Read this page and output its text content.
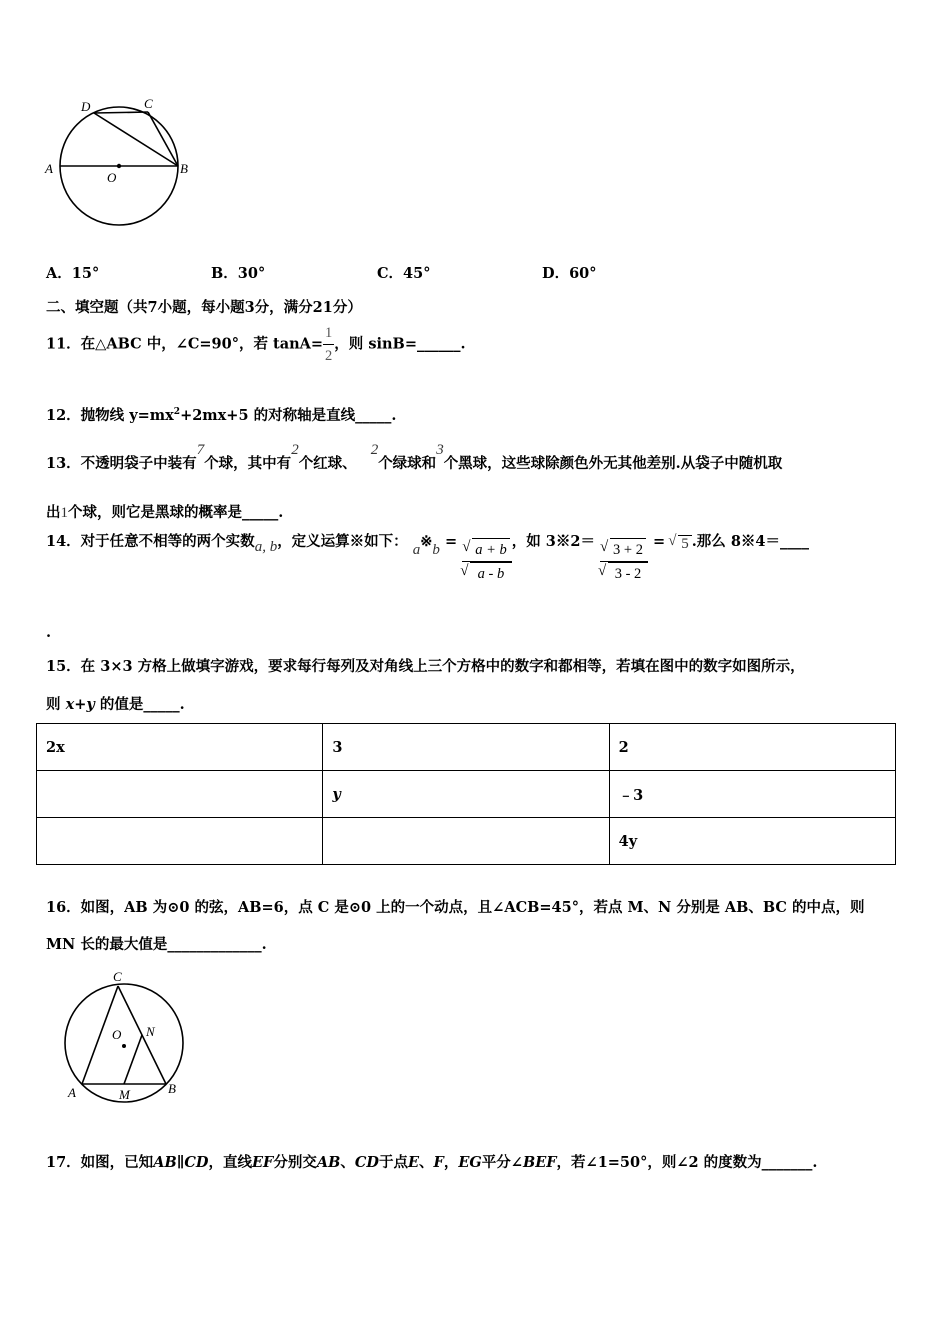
A	B
C
D
O
A．15°	B．30°	C．45°	D．60°
二、填空题（共7小题，每小题3分，满分21分）
11．在△ABC 中，∠C=90°，若 $\tan A= \frac{1}{2}$ ，则 sinB=______.
12．抛物线 $y=mx^2+2mx+5$ 的对称轴是直线_____.
13．不透明袋子中装有7个球，其中有2个红球、2个绿球和3个黑球，这些球除颜色外无其他差别.从袋子中随机取
出1个球，则它是黑球的概率是_____.
14．对于任意不相等的两个实数a, b，定义运算※如下： a※b = √ a + b
√ a - b ，如 3※2＝ √ 3 + 2
√ 3 - 2 = √ 5 .那么 8※4＝____
.
15．在 3×3 方格上做填字游戏，要求每行每列及对角线上三个方格中的数字和都相等，若填在图中的数字如图所示，
则 x+y 的值是_____.
2x	3	2
	y	﹣3
		4y
16．如图，AB 为⊙0 的弦，AB=6，点 C 是⊙0 上的一个动点，且∠ACB=45°，若点 M、N 分别是 AB、BC 的中点，则
MN 长的最大值是_____________.
C
O N
A	M	B
17．如图，已知AB∥CD，直线EF分别交AB、CD于点E、F，EG平分∠BEF，若∠1=50°，则∠2 的度数为_______.
